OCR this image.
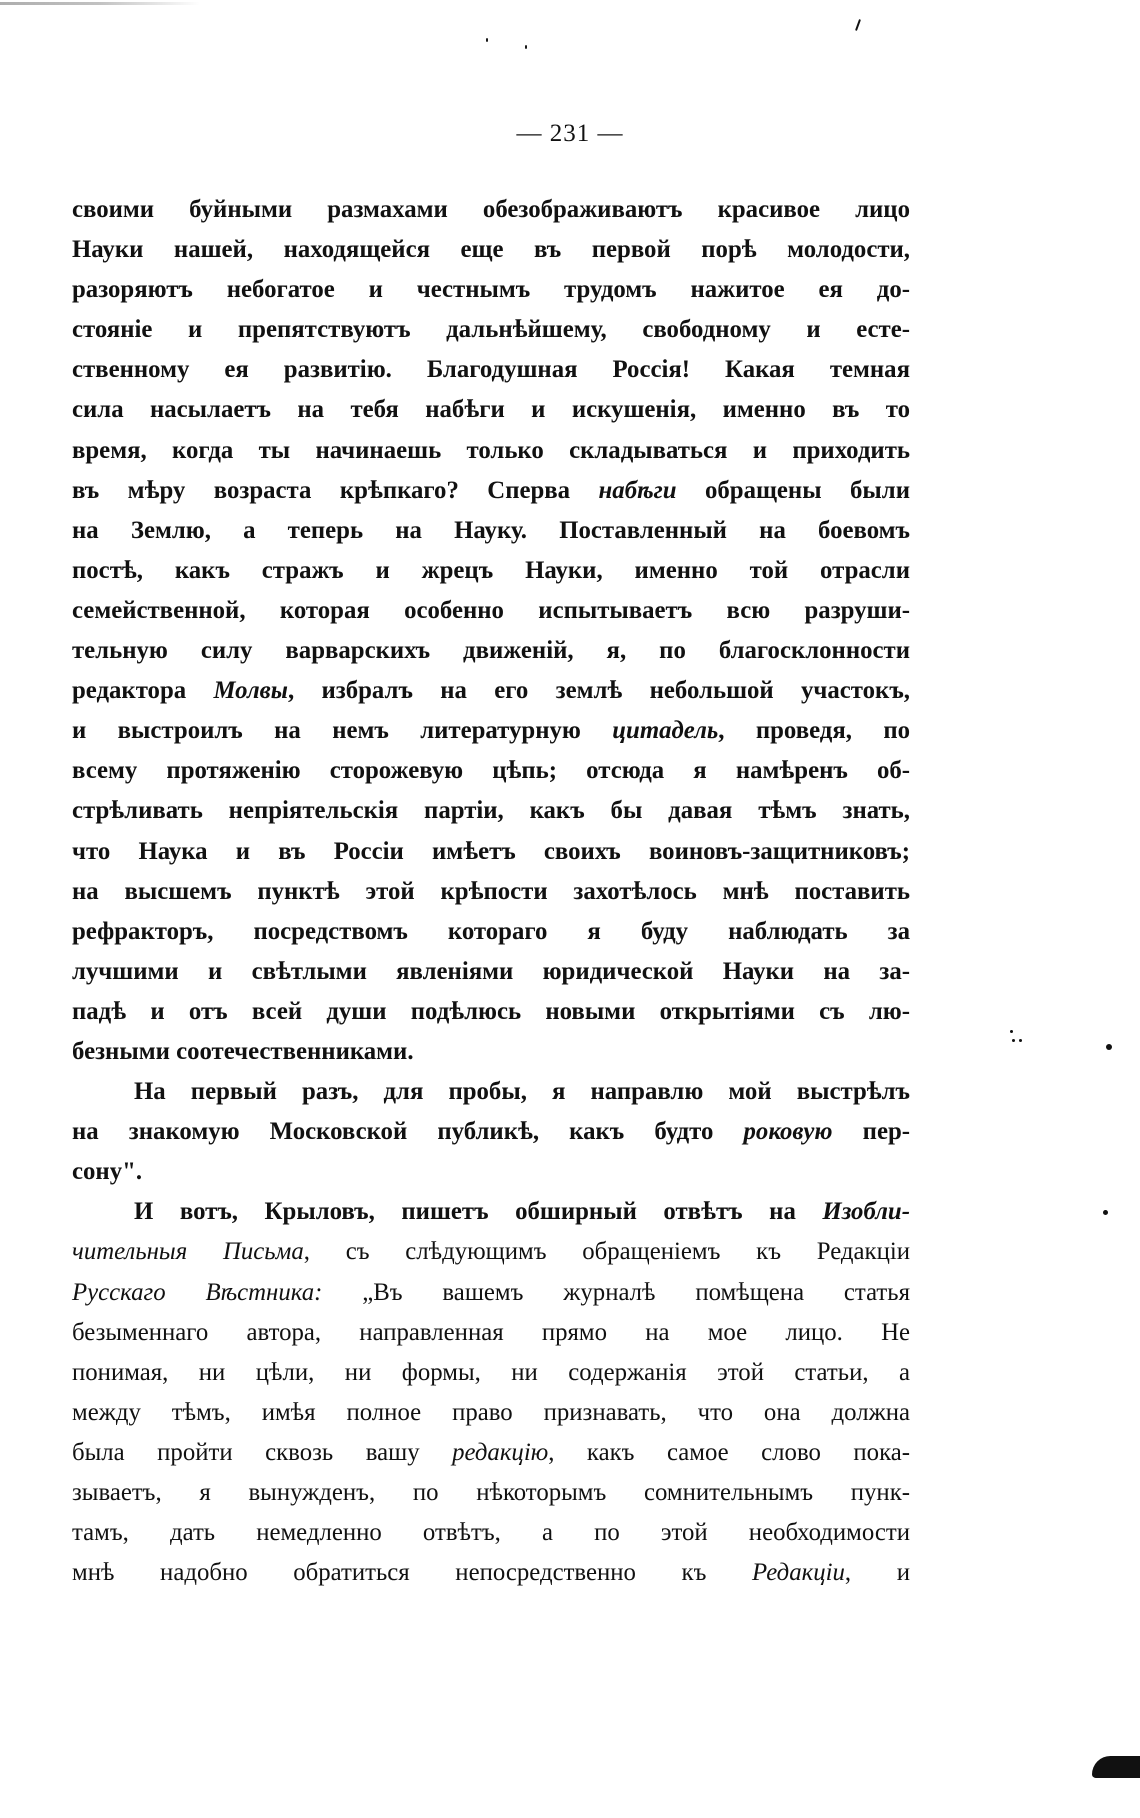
— 231 —
своими буйными размахами обезображиваютъ красивое лицо
Науки нашей, находящейся еще въ первой порѣ молодости,
разоряютъ небогатое и честнымъ трудомъ нажитое ея до-
стояніе и препятствуютъ дальнѣйшему, свободному и есте-
ственному ея развитію. Благодушная Россія! Какая темная
сила насылаетъ на тебя набѣги и искушенія, именно въ то
время, когда ты начинаешь только складываться и приходить
въ мѣру возраста крѣпкаго? Сперва набѣги обращены были
на Землю, а теперь на Науку. Поставленный на боевомъ
постѣ, какъ стражъ и жрецъ Науки, именно той отрасли
семейственной, которая особенно испытываетъ всю разруши-
тельную силу варварскихъ движеній, я, по благосклонности
редактора Молвы, избралъ на его землѣ небольшой участокъ,
и выстроилъ на немъ литературную цитадель, проведя, по
всему протяженію сторожевую цѣпь; отсюда я намѣренъ об-
стрѣливать непріятельскія партіи, какъ бы давая тѣмъ знать,
что Наука и въ Россіи имѣетъ своихъ воиновъ-защитниковъ;
на высшемъ пунктѣ этой крѣпости захотѣлось мнѣ поставить
рефракторъ, посредствомъ котораго я буду наблюдать за
лучшими и свѣтлыми явленіями юридической Науки на за-
падѣ и отъ всей души подѣлюсь новыми открытіями съ лю-
безными соотечественниками.
На первый разъ, для пробы, я направлю мой выстрѣлъ
на знакомую Московской публикѣ, какъ будто роковую пер-
сону".
И вотъ, Крыловъ, пишетъ обширный отвѣтъ на Изобли-
чительныя Письма, съ слѣдующимъ обращеніемъ къ Редакціи
Русскаго Вѣстника: „Въ вашемъ журналѣ помѣщена статья
безыменнаго автора, направленная прямо на мое лицо. Не
понимая, ни цѣли, ни формы, ни содержанія этой статьи, а
между тѣмъ, имѣя полное право признавать, что она должна
была пройти сквозь вашу редакцію, какъ самое слово пока-
зываетъ, я вынужденъ, по нѣкоторымъ сомнительнымъ пунк-
тамъ, дать немедленно отвѣтъ, а по этой необходимости
мнѣ надобно обратиться непосредственно къ Редакціи, и
